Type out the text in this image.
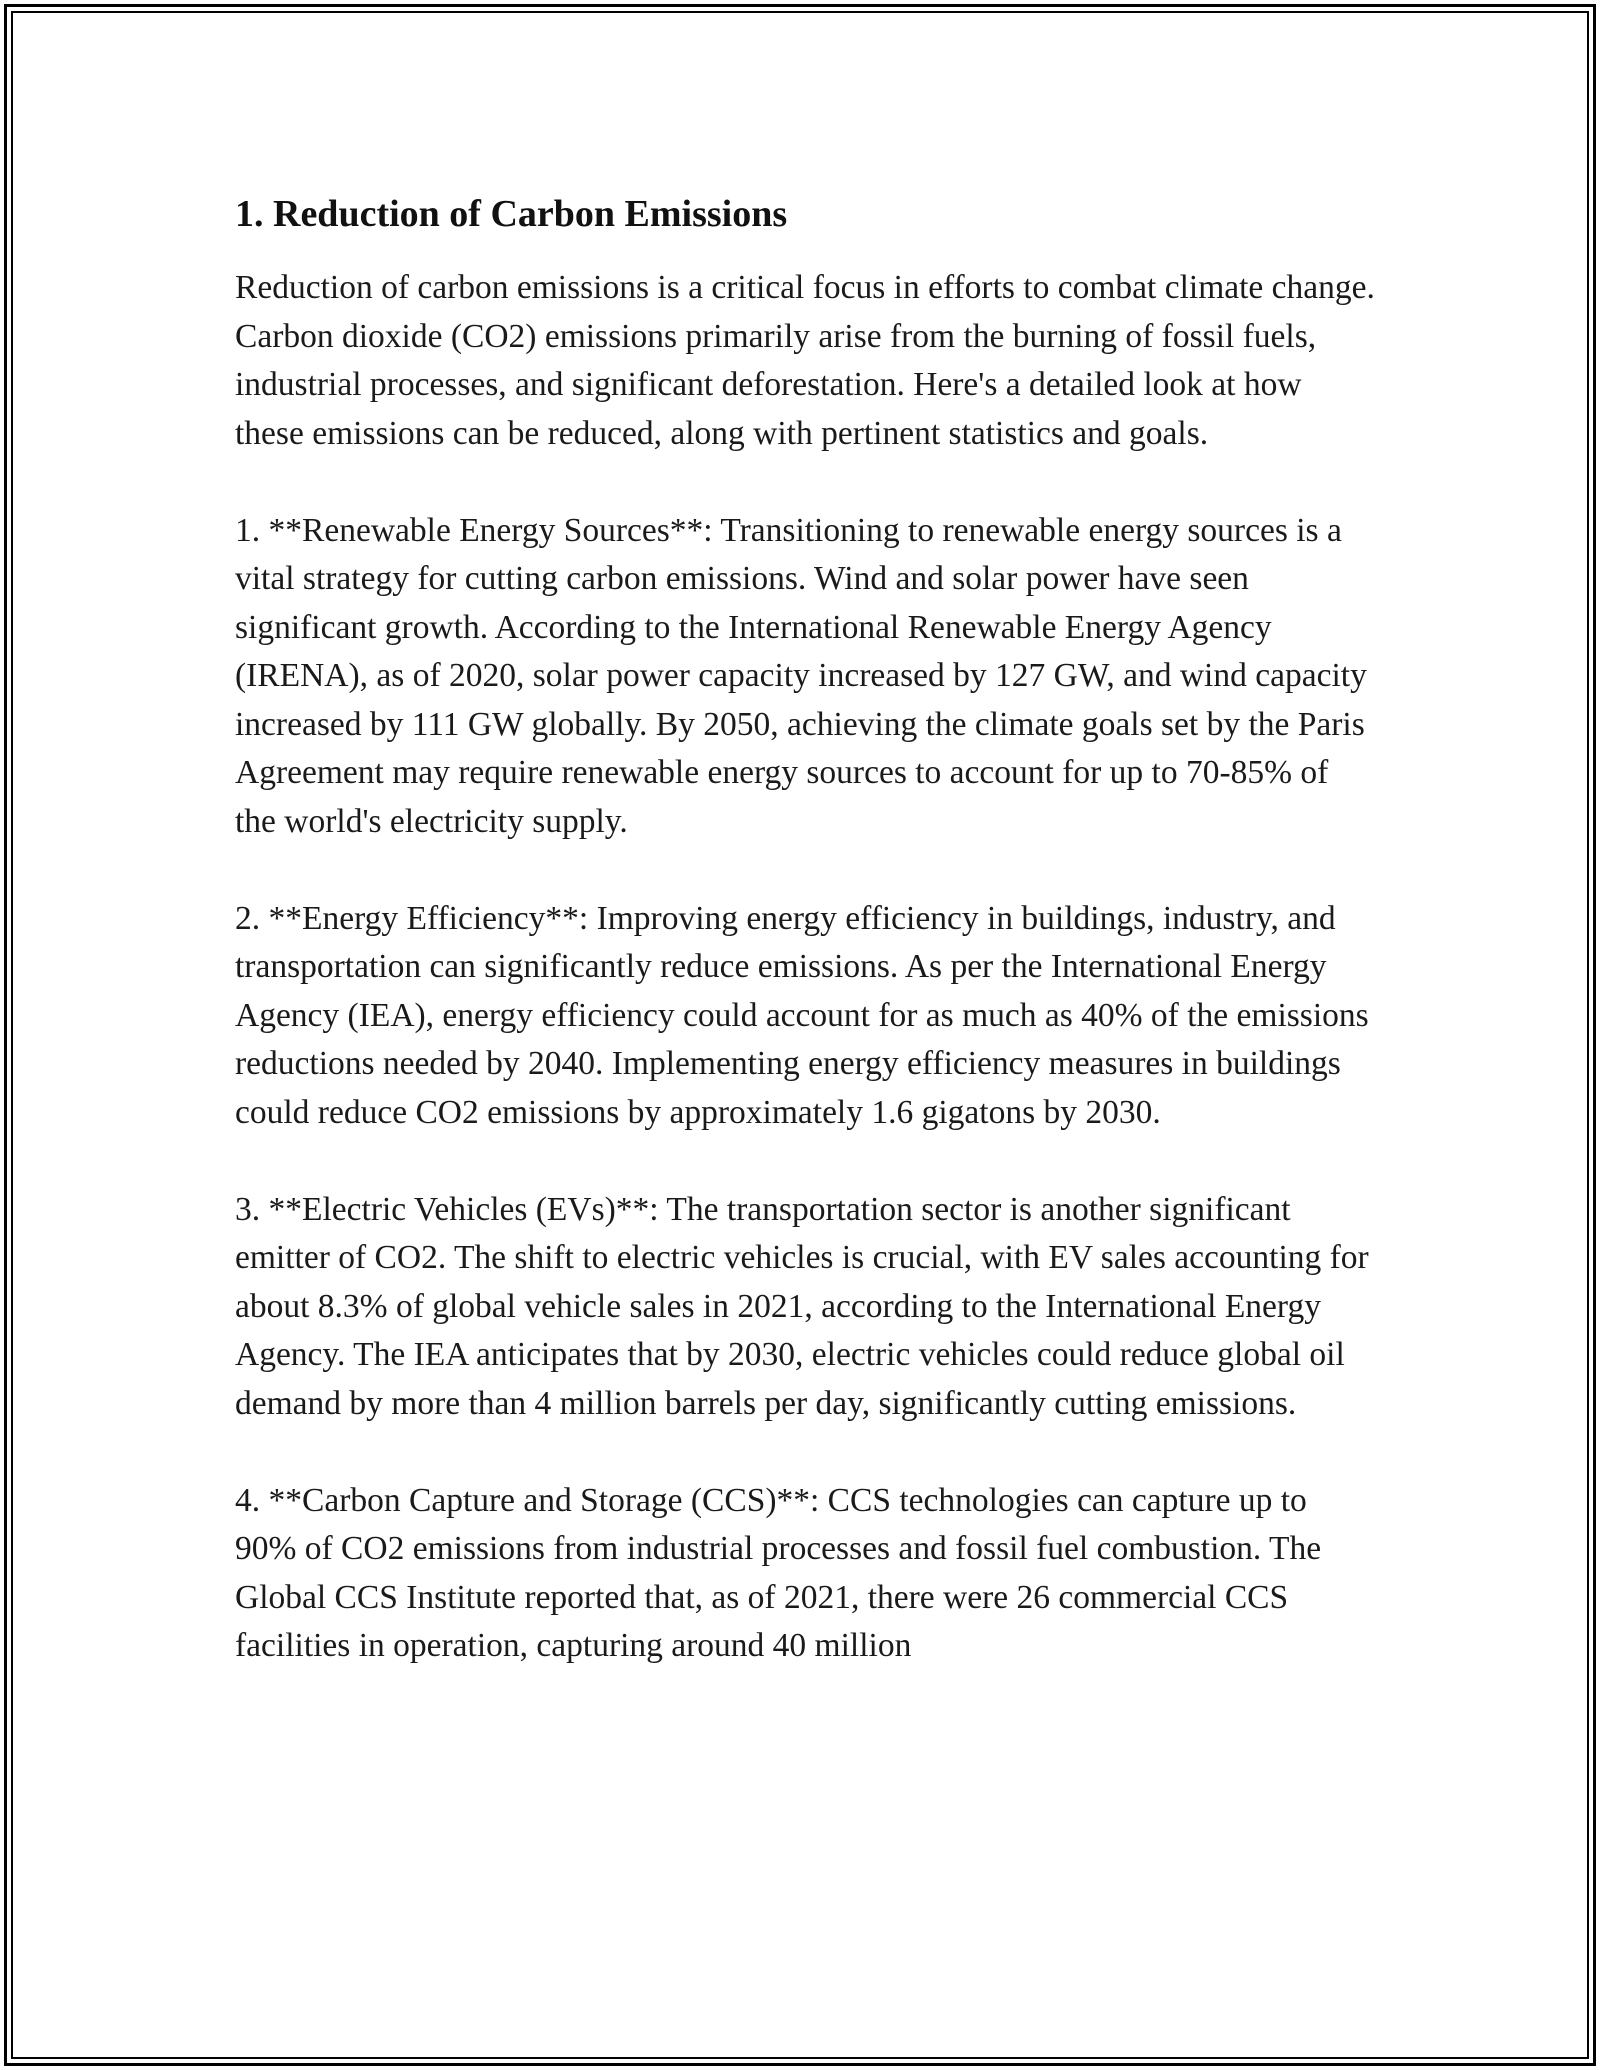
1. Reduction of Carbon Emissions

Reduction of carbon emissions is a critical focus in efforts to combat climate change. Carbon dioxide (CO2) emissions primarily arise from the burning of fossil fuels, industrial processes, and significant deforestation. Here's a detailed look at how these emissions can be reduced, along with pertinent statistics and goals.

1. **Renewable Energy Sources**: Transitioning to renewable energy sources is a vital strategy for cutting carbon emissions. Wind and solar power have seen significant growth. According to the International Renewable Energy Agency (IRENA), as of 2020, solar power capacity increased by 127 GW, and wind capacity increased by 111 GW globally. By 2050, achieving the climate goals set by the Paris Agreement may require renewable energy sources to account for up to 70-85% of the world's electricity supply.

2. **Energy Efficiency**: Improving energy efficiency in buildings, industry, and transportation can significantly reduce emissions. As per the International Energy Agency (IEA), energy efficiency could account for as much as 40% of the emissions reductions needed by 2040. Implementing energy efficiency measures in buildings could reduce CO2 emissions by approximately 1.6 gigatons by 2030.

3. **Electric Vehicles (EVs)**: The transportation sector is another significant emitter of CO2. The shift to electric vehicles is crucial, with EV sales accounting for about 8.3% of global vehicle sales in 2021, according to the International Energy Agency. The IEA anticipates that by 2030, electric vehicles could reduce global oil demand by more than 4 million barrels per day, significantly cutting emissions.

4. **Carbon Capture and Storage (CCS)**: CCS technologies can capture up to 90% of CO2 emissions from industrial processes and fossil fuel combustion. The Global CCS Institute reported that, as of 2021, there were 26 commercial CCS facilities in operation, capturing around 40 million
